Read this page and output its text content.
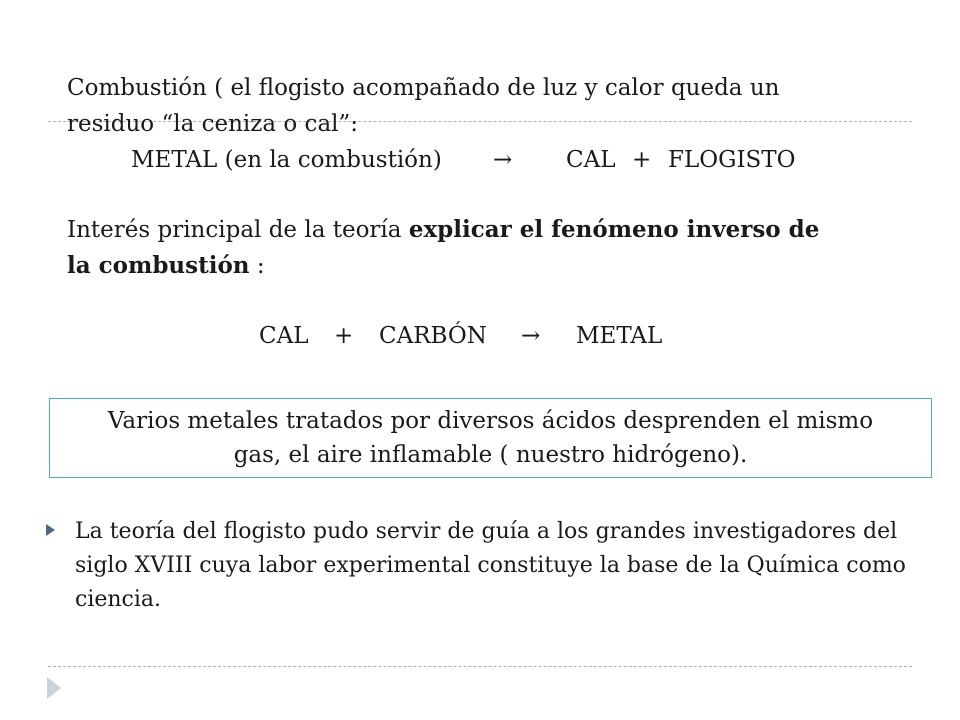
Combustión ( el flogisto acompañado de luz y calor queda un
residuo “la ceniza o cal”:
METAL (en la combustión) → CAL + FLOGISTO
Interés principal de la teoría explicar el fenómeno inverso de
la combustión :
CAL + CARBÓN → METAL
Varios metales tratados por diversos ácidos desprenden el mismo
gas, el aire inflamable ( nuestro hidrógeno).
La teoría del flogisto pudo servir de guía a los grandes investigadores del siglo XVIII cuya labor experimental constituye la base de la Química como ciencia.
